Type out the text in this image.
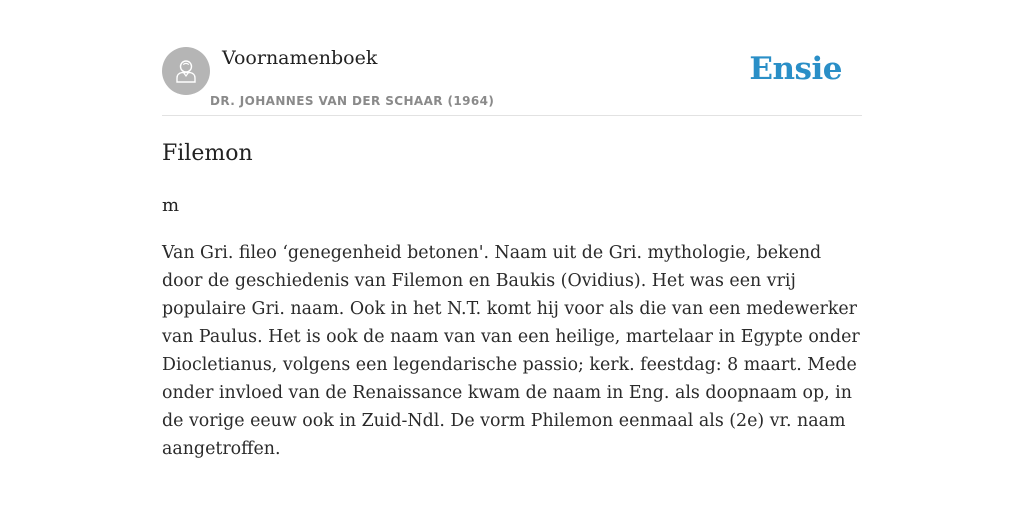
Voornamenboek
DR. JOHANNES VAN DER SCHAAR (1964)
Ensie
Filemon
m

Van Gri. fileo ‘genegenheid betonen'. Naam uit de Gri. mythologie, bekend door de geschiedenis van Filemon en Baukis (Ovidius). Het was een vrij populaire Gri. naam. Ook in het N.T. komt hij voor als die van een medewerker van Paulus. Het is ook de naam van van een heilige, martelaar in Egypte onder Diocletianus, volgens een legendarische passio; kerk. feestdag: 8 maart. Mede onder invloed van de Renaissance kwam de naam in Eng. als doopnaam op, in de vorige eeuw ook in Zuid-Ndl. De vorm Philemon eenmaal als (2e) vr. naam aangetroffen.
